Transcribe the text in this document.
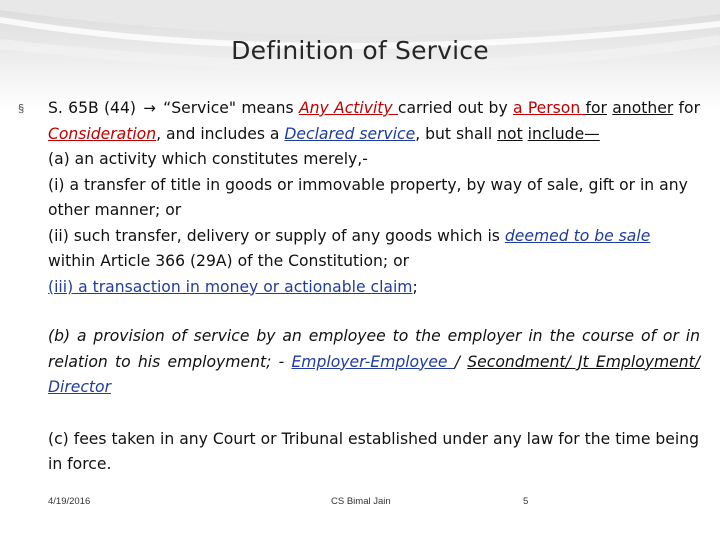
Definition of Service
§ S. 65B (44) → “Service" means Any Activity carried out by a Person for another for Consideration, and includes a Declared service, but shall not include—

(a) an activity which constitutes merely,-

(i) a transfer of title in goods or immovable property, by way of sale, gift or in any other manner; or

(ii) such transfer, delivery or supply of any goods which is deemed to be sale within Article 366 (29A) of the Constitution; or

(iii) a transaction in money or actionable claim;

(b) a provision of service by an employee to the employer in the course of or in relation to his employment; - Employer-Employee / Secondment/ Jt Employment/ Director

(c) fees taken in any Court or Tribunal established under any law for the time being in force.

4/19/2016	CS Bimal Jain	5
